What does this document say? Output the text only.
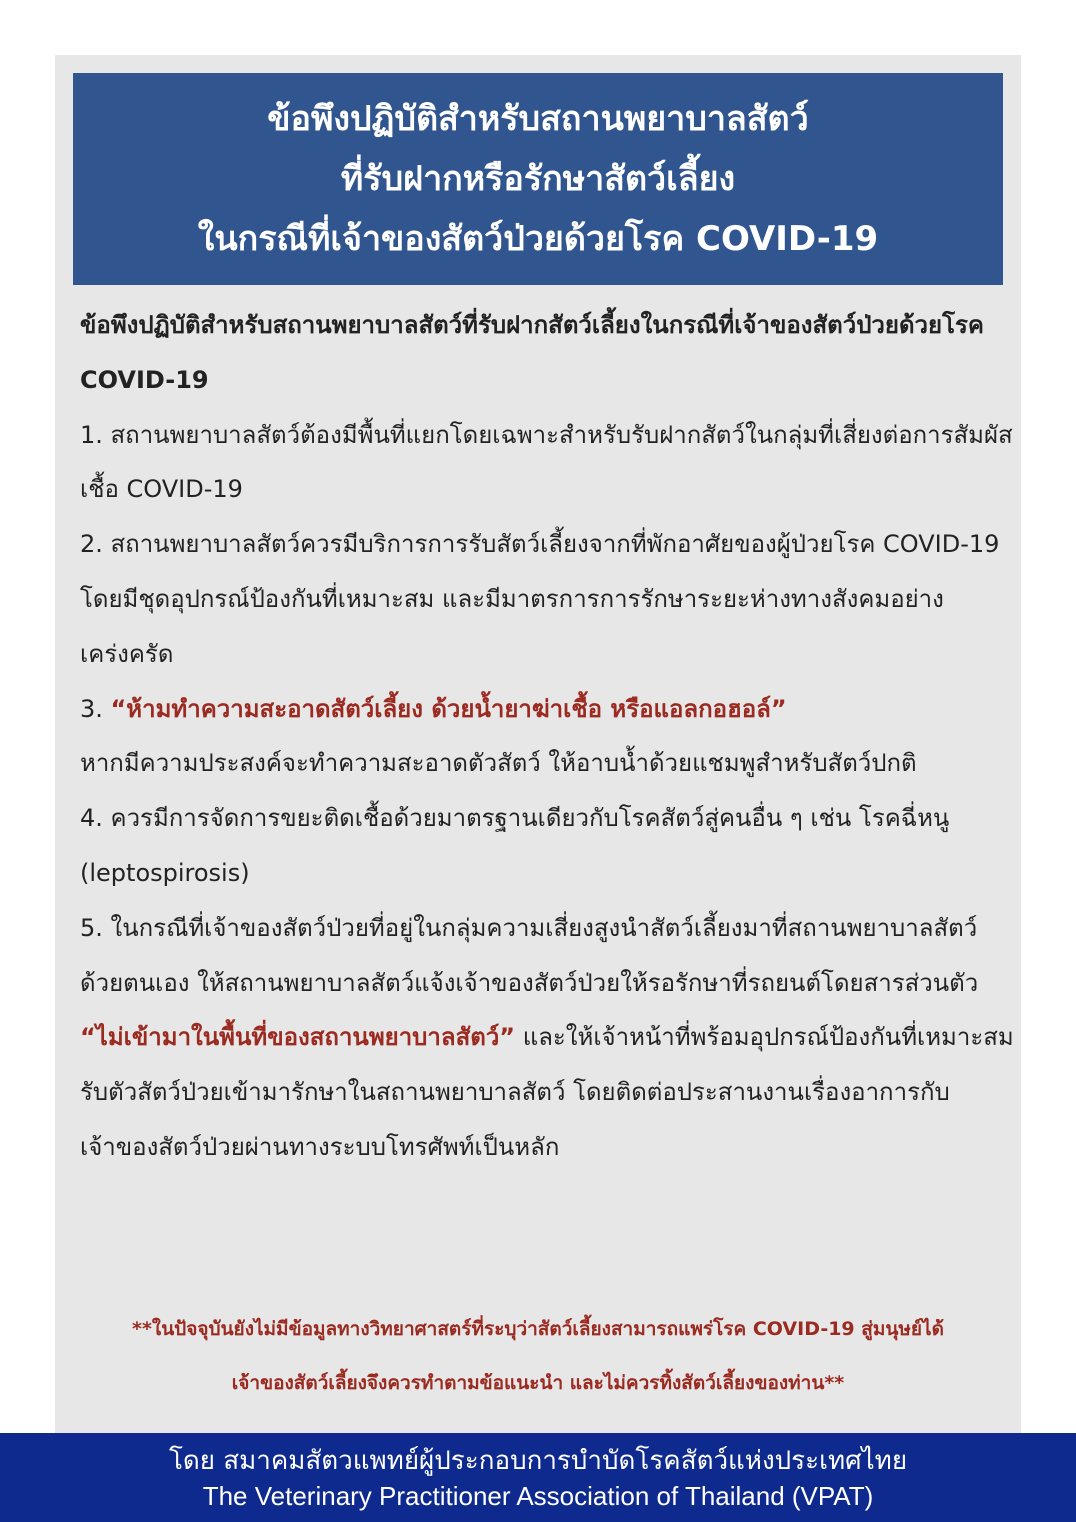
ข้อพึงปฏิบัติสำหรับสถานพยาบาลสัตว์
ที่รับฝากหรือรักษาสัตว์เลี้ยง
ในกรณีที่เจ้าของสัตว์ป่วยด้วยโรค COVID-19

ข้อพึงปฏิบัติสำหรับสถานพยาบาลสัตว์ที่รับฝากสัตว์เลี้ยงในกรณีที่เจ้าของสัตว์ป่วยด้วยโรค COVID-19

1. สถานพยาบาลสัตว์ต้องมีพื้นที่แยกโดยเฉพาะสำหรับรับฝากสัตว์ในกลุ่มที่เสี่ยงต่อการสัมผัสเชื้อ COVID-19

2. สถานพยาบาลสัตว์ควรมีบริการการรับสัตว์เลี้ยงจากที่พักอาศัยของผู้ป่วยโรค COVID-19 โดยมีชุดอุปกรณ์ป้องกันที่เหมาะสม และมีมาตรการการรักษาระยะห่างทางสังคมอย่างเคร่งครัด

3. “ห้ามทำความสะอาดสัตว์เลี้ยง ด้วยน้ำยาฆ่าเชื้อ หรือแอลกอฮอล์”
หากมีความประสงค์จะทำความสะอาดตัวสัตว์ ให้อาบน้ำด้วยแชมพูสำหรับสัตว์ปกติ

4. ควรมีการจัดการขยะติดเชื้อด้วยมาตรฐานเดียวกับโรคสัตว์สู่คนอื่น ๆ เช่น โรคฉี่หนู (leptospirosis)

5. ในกรณีที่เจ้าของสัตว์ป่วยที่อยู่ในกลุ่มความเสี่ยงสูงนำสัตว์เลี้ยงมาที่สถานพยาบาลสัตว์ด้วยตนเอง ให้สถานพยาบาลสัตว์แจ้งเจ้าของสัตว์ป่วยให้รอรักษาที่รถยนต์โดยสารส่วนตัว “ไม่เข้ามาในพื้นที่ของสถานพยาบาลสัตว์” และให้เจ้าหน้าที่พร้อมอุปกรณ์ป้องกันที่เหมาะสมรับตัวสัตว์ป่วยเข้ามารักษาในสถานพยาบาลสัตว์ โดยติดต่อประสานงานเรื่องอาการกับเจ้าของสัตว์ป่วยผ่านทางระบบโทรศัพท์เป็นหลัก

**ในปัจจุบันยังไม่มีข้อมูลทางวิทยาศาสตร์ที่ระบุว่าสัตว์เลี้ยงสามารถแพร่โรค COVID-19 สู่มนุษย์ได้
เจ้าของสัตว์เลี้ยงจึงควรทำตามข้อแนะนำ และไม่ควรทิ้งสัตว์เลี้ยงของท่าน**
โดย สมาคมสัตวแพทย์ผู้ประกอบการบำบัดโรคสัตว์แห่งประเทศไทย
The Veterinary Practitioner Association of Thailand (VPAT)
